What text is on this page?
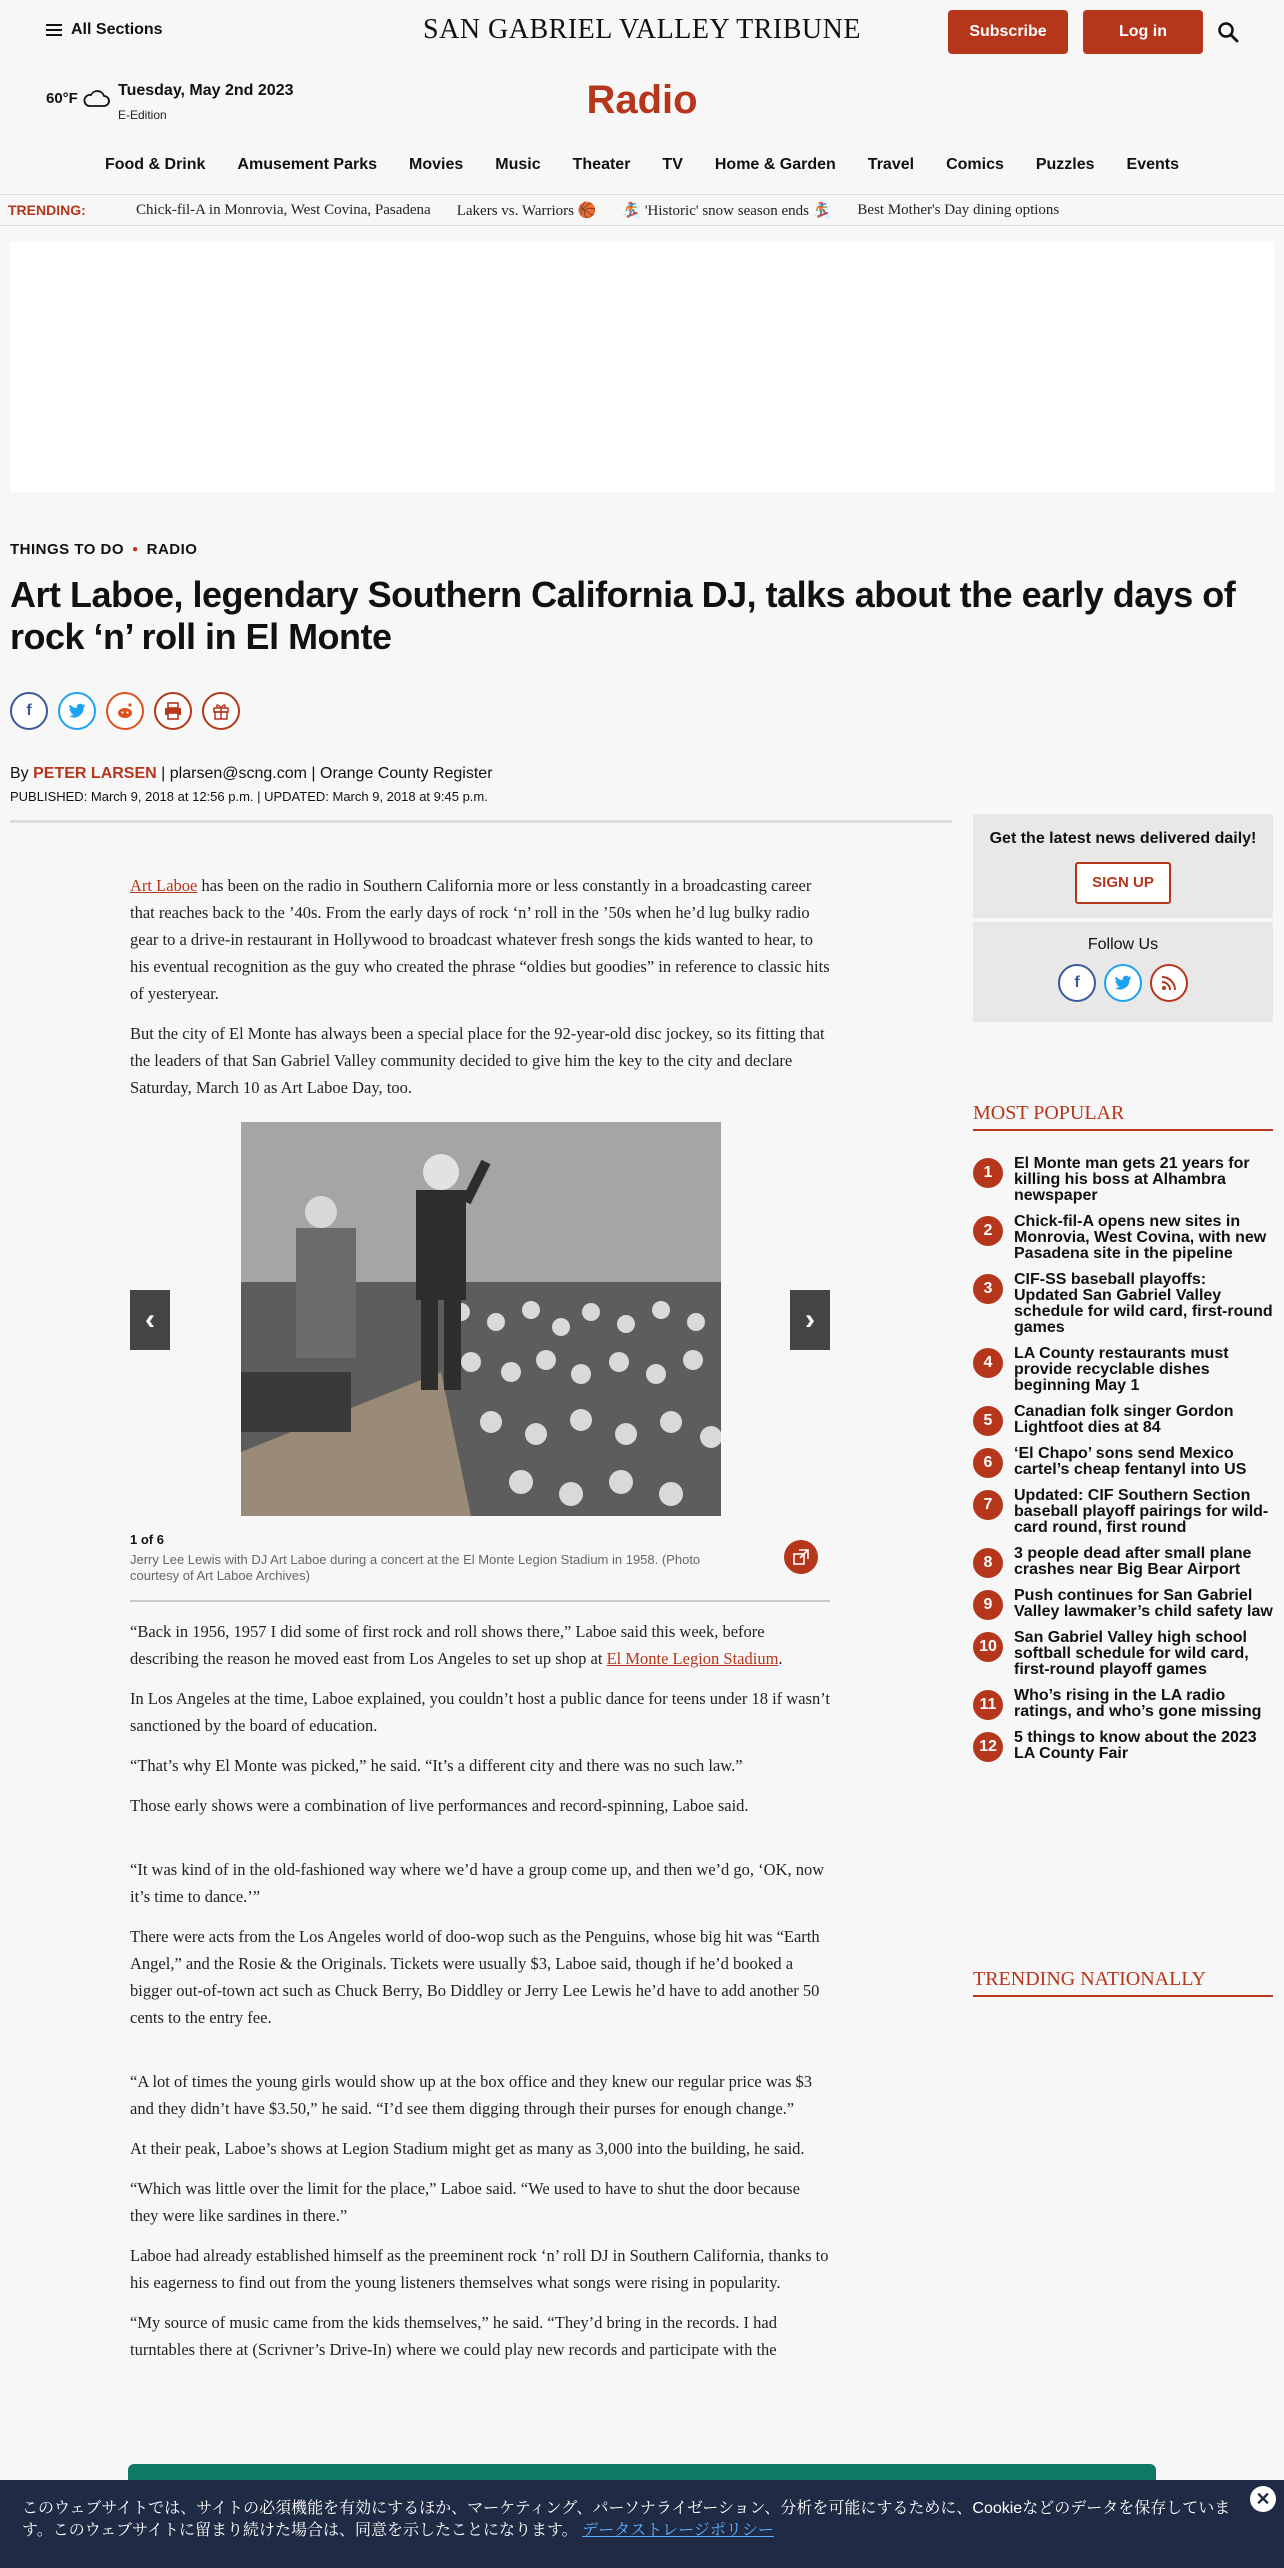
All Sections	SAN GABRIEL VALLEY TRIBUNE	Subscribe	Log in
60°F	Tuesday, May 2nd 2023
E-Edition	Radio
Food & Drink	Amusement Parks	Movies	Music	Theater	TV	Home & Garden	Travel	Comics	Puzzles	Events
TRENDING:	Chick-fil-A in Monrovia, West Covina, Pasadena Lakers vs. Warriors 🏀 🏂 'Historic' snow season ends 🏂 Best Mother's Day dining options
THINGS TO DO ● RADIO
Art Laboe, legendary Southern California DJ, talks about the early days of rock ‘n’ roll in El Monte
f
By PETER LARSEN | plarsen@scng.com | Orange County Register
PUBLISHED: March 9, 2018 at 12:56 p.m. | UPDATED: March 9, 2018 at 9:45 p.m.

Art Laboe has been on the radio in Southern California more or less constantly in a broadcasting career that reaches back to the ’40s. From the early days of rock ‘n’ roll in the ’50s when he’d lug bulky radio gear to a drive-in restaurant in Hollywood to broadcast whatever fresh songs the kids wanted to hear, to his eventual recognition as the guy who created the phrase “oldies but goodies” in reference to classic hits of yesteryear.

But the city of El Monte has always been a special place for the 92-year-old disc jockey, so its fitting that the leaders of that San Gabriel Valley community decided to give him the key to the city and declare Saturday, March 10 as Art Laboe Day, too.

‹	›
1 of 6
Jerry Lee Lewis with DJ Art Laboe during a concert at the El Monte Legion Stadium in 1958. (Photo courtesy of Art Laboe Archives)

“Back in 1956, 1957 I did some of first rock and roll shows there,” Laboe said this week, before describing the reason he moved east from Los Angeles to set up shop at El Monte Legion Stadium.

In Los Angeles at the time, Laboe explained, you couldn’t host a public dance for teens under 18 if wasn’t sanctioned by the board of education.

“That’s why El Monte was picked,” he said. “It’s a different city and there was no such law.”

Those early shows were a combination of live performances and record-spinning, Laboe said.

“It was kind of in the old-fashioned way where we’d have a group come up, and then we’d go, ‘OK, now it’s time to dance.’”

There were acts from the Los Angeles world of doo-wop such as the Penguins, whose big hit was “Earth Angel,” and the Rosie & the Originals. Tickets were usually $3, Laboe said, though if he’d booked a bigger out-of-town act such as Chuck Berry, Bo Diddley or Jerry Lee Lewis he’d have to add another 50 cents to the entry fee.

“A lot of times the young girls would show up at the box office and they knew our regular price was $3 and they didn’t have $3.50,” he said. “I’d see them digging through their purses for enough change.”

At their peak, Laboe’s shows at Legion Stadium might get as many as 3,000 into the building, he said.

“Which was little over the limit for the place,” Laboe said. “We used to have to shut the door because they were like sardines in there.”

Laboe had already established himself as the preeminent rock ‘n’ roll DJ in Southern California, thanks to his eagerness to find out from the young listeners themselves what songs were rising in popularity.

“My source of music came from the kids themselves,” he said. “They’d bring in the records. I had turntables there at (Scrivner’s Drive-In) where we could play new records and participate with the

Get the latest news delivered daily!
SIGN UP
Follow Us
f
MOST POPULAR
1
El Monte man gets 21 years for killing his boss at Alhambra newspaper
2
Chick-fil-A opens new sites in Monrovia, West Covina, with new Pasadena site in the pipeline
3
CIF-SS baseball playoffs: Updated San Gabriel Valley schedule for wild card, first-round games
4
LA County restaurants must provide recyclable dishes beginning May 1
5
Canadian folk singer Gordon Lightfoot dies at 84
6
‘El Chapo’ sons send Mexico cartel’s cheap fentanyl into US
7
Updated: CIF Southern Section baseball playoff pairings for wild-card round, first round
8
3 people dead after small plane crashes near Big Bear Airport
9
Push continues for San Gabriel Valley lawmaker’s child safety law
10
San Gabriel Valley high school softball schedule for wild card, first-round playoff games
11
Who’s rising in the LA radio ratings, and who’s gone missing
12
5 things to know about the 2023 LA County Fair
TRENDING NATIONALLY
このウェブサイトでは、サイトの必須機能を有効にするほか、マーケティング、パーソナライゼーション、分析を可能にするために、Cookieなどのデータを保存しています。このウェブサイトに留まり続けた場合は、同意を示したことになります。 データストレージポリシー
✕
